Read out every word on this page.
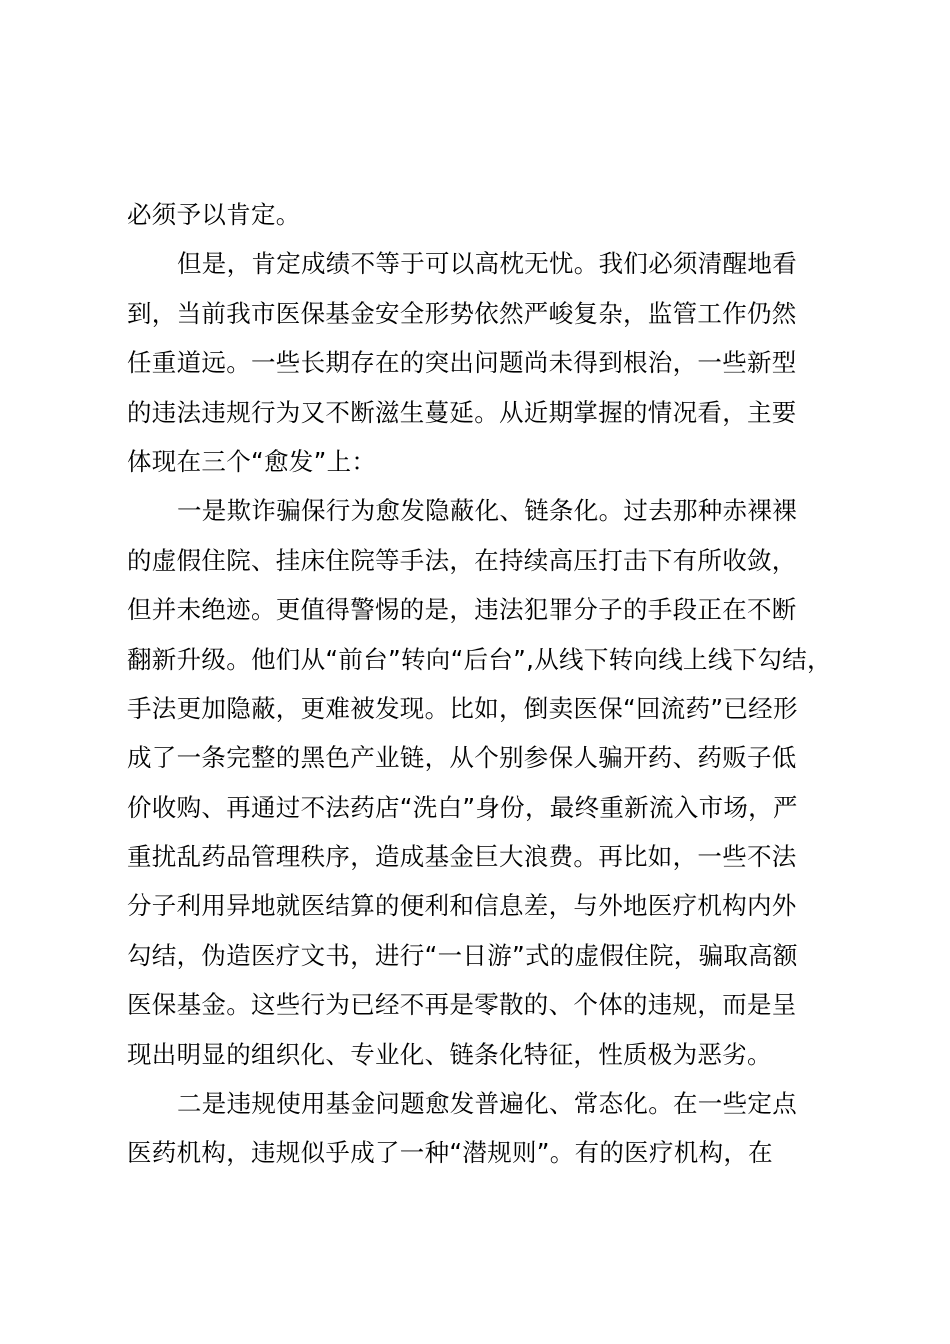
必须予以肯定。
但是，肯定成绩不等于可以高枕无忧。我们必须清醒地看
到，当前我市医保基金安全形势依然严峻复杂，监管工作仍然
任重道远。一些长期存在的突出问题尚未得到根治，一些新型
的违法违规行为又不断滋生蔓延。从近期掌握的情况看，主要
体现在三个“愈发”上：
一是欺诈骗保行为愈发隐蔽化、链条化。过去那种赤裸裸
的虚假住院、挂床住院等手法，在持续高压打击下有所收敛，
但并未绝迹。更值得警惕的是，违法犯罪分子的手段正在不断
翻新升级。他们从“前台”转向“后台”,从线下转向线上线下勾结，
手法更加隐蔽，更难被发现。比如，倒卖医保“回流药”已经形
成了一条完整的黑色产业链，从个别参保人骗开药、药贩子低
价收购、再通过不法药店“洗白”身份，最终重新流入市场，严
重扰乱药品管理秩序，造成基金巨大浪费。再比如，一些不法
分子利用异地就医结算的便利和信息差，与外地医疗机构内外
勾结，伪造医疗文书，进行“一日游”式的虚假住院，骗取高额
医保基金。这些行为已经不再是零散的、个体的违规，而是呈
现出明显的组织化、专业化、链条化特征，性质极为恶劣。
二是违规使用基金问题愈发普遍化、常态化。在一些定点
医药机构，违规似乎成了一种“潜规则”。有的医疗机构，在
